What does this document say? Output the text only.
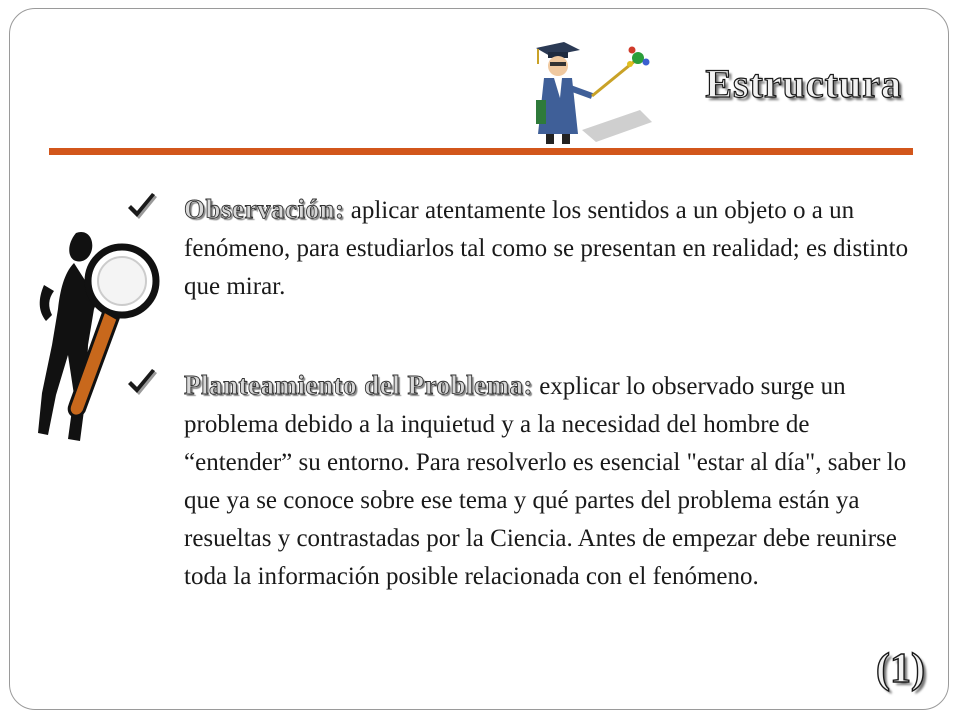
Estructura
Observación: aplicar atentamente los sentidos a un objeto o a un fenómeno, para estudiarlos tal como se presentan en realidad; es distinto que mirar.
Planteamiento del Problema: explicar lo observado surge un problema debido a la inquietud y a la necesidad del hombre de “entender” su entorno. Para resolverlo es esencial "estar al día", saber lo que ya se conoce sobre ese tema y qué partes del problema están ya resueltas y contrastadas por la Ciencia. Antes de empezar debe reunirse toda la información posible relacionada con el fenómeno.
(1)
